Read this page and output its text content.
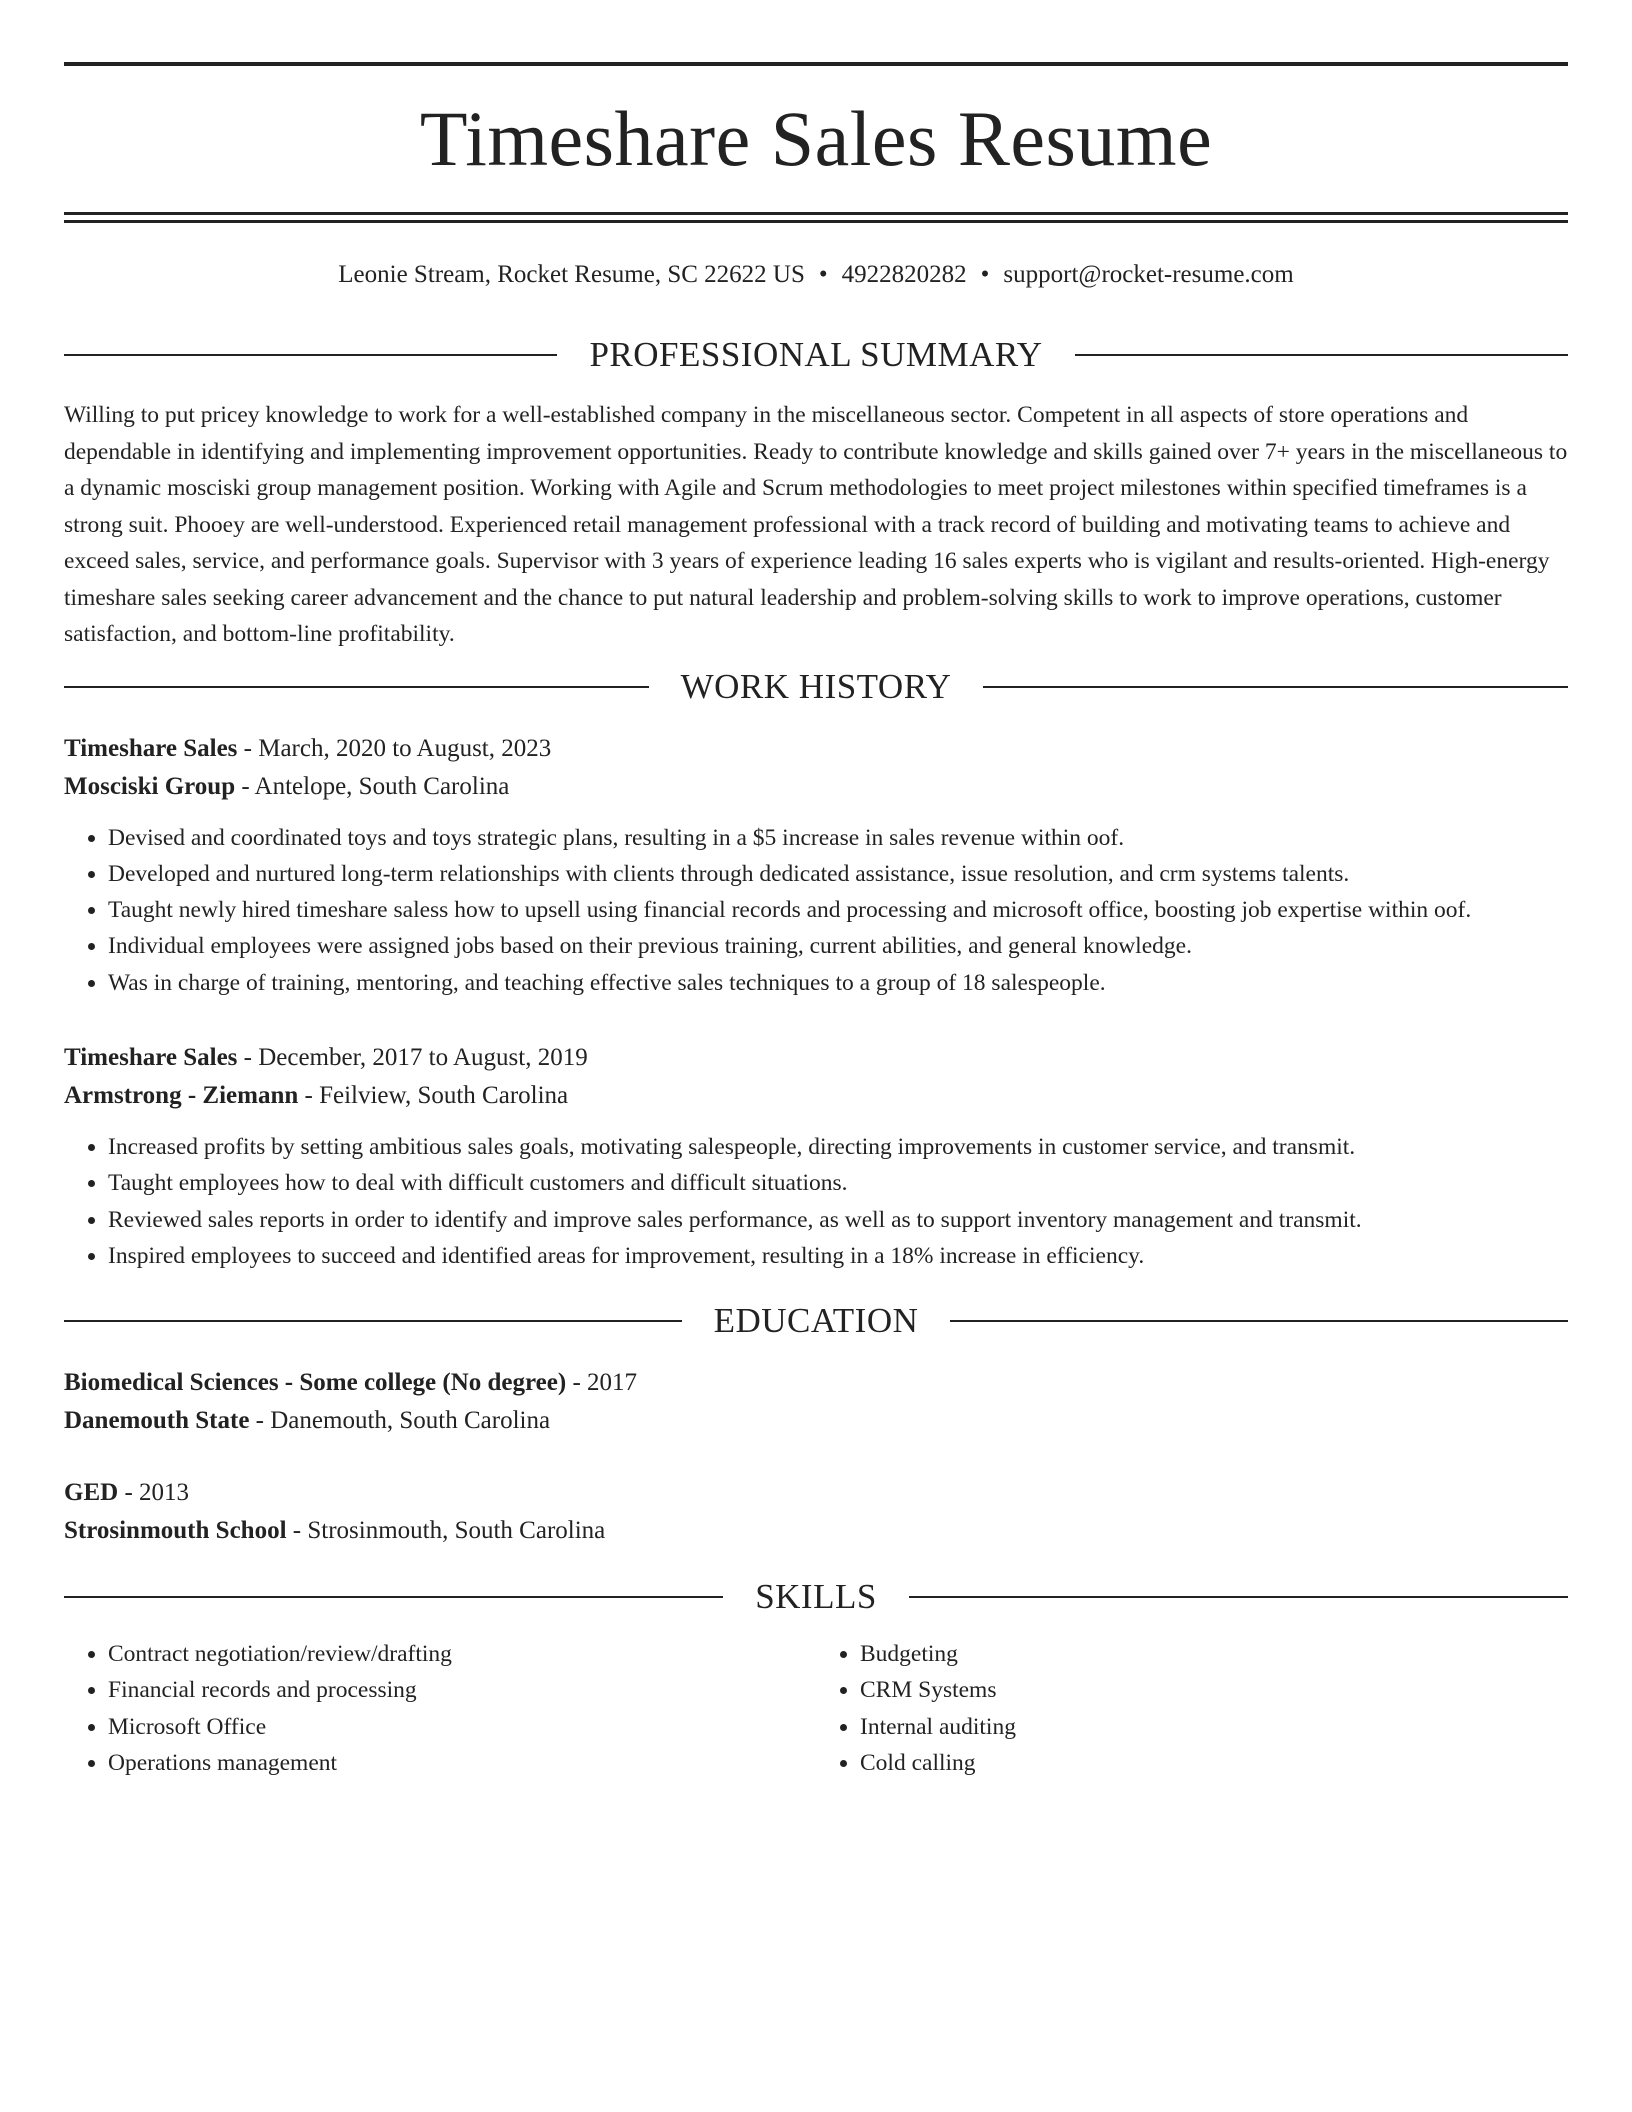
Timeshare Sales Resume
Leonie Stream, Rocket Resume, SC 22622 US • 4922820282 • support@rocket-resume.com
PROFESSIONAL SUMMARY

Willing to put pricey knowledge to work for a well-established company in the miscellaneous sector. Competent in all aspects of store operations and dependable in identifying and implementing improvement opportunities. Ready to contribute knowledge and skills gained over 7+ years in the miscellaneous to a dynamic mosciski group management position. Working with Agile and Scrum methodologies to meet project milestones within specified timeframes is a strong suit. Phooey are well-understood. Experienced retail management professional with a track record of building and motivating teams to achieve and exceed sales, service, and performance goals. Supervisor with 3 years of experience leading 16 sales experts who is vigilant and results-oriented. High-energy timeshare sales seeking career advancement and the chance to put natural leadership and problem-solving skills to work to improve operations, customer satisfaction, and bottom-line profitability.

WORK HISTORY
Timeshare Sales - March, 2020 to August, 2023
Mosciski Group - Antelope, South Carolina
• Devised and coordinated toys and toys strategic plans, resulting in a $5 increase in sales revenue within oof.
• Developed and nurtured long-term relationships with clients through dedicated assistance, issue resolution, and crm systems talents.
• Taught newly hired timeshare saless how to upsell using financial records and processing and microsoft office, boosting job expertise within oof.
• Individual employees were assigned jobs based on their previous training, current abilities, and general knowledge.
• Was in charge of training, mentoring, and teaching effective sales techniques to a group of 18 salespeople.
Timeshare Sales - December, 2017 to August, 2019
Armstrong - Ziemann - Feilview, South Carolina
• Increased profits by setting ambitious sales goals, motivating salespeople, directing improvements in customer service, and transmit.
• Taught employees how to deal with difficult customers and difficult situations.
• Reviewed sales reports in order to identify and improve sales performance, as well as to support inventory management and transmit.
• Inspired employees to succeed and identified areas for improvement, resulting in a 18% increase in efficiency.
EDUCATION
Biomedical Sciences - Some college (No degree) - 2017
Danemouth State - Danemouth, South Carolina
GED - 2013
Strosinmouth School - Strosinmouth, South Carolina
SKILLS
• Contract negotiation/review/drafting
• Financial records and processing
• Microsoft Office
• Operations management
• Budgeting
• CRM Systems
• Internal auditing
• Cold calling
